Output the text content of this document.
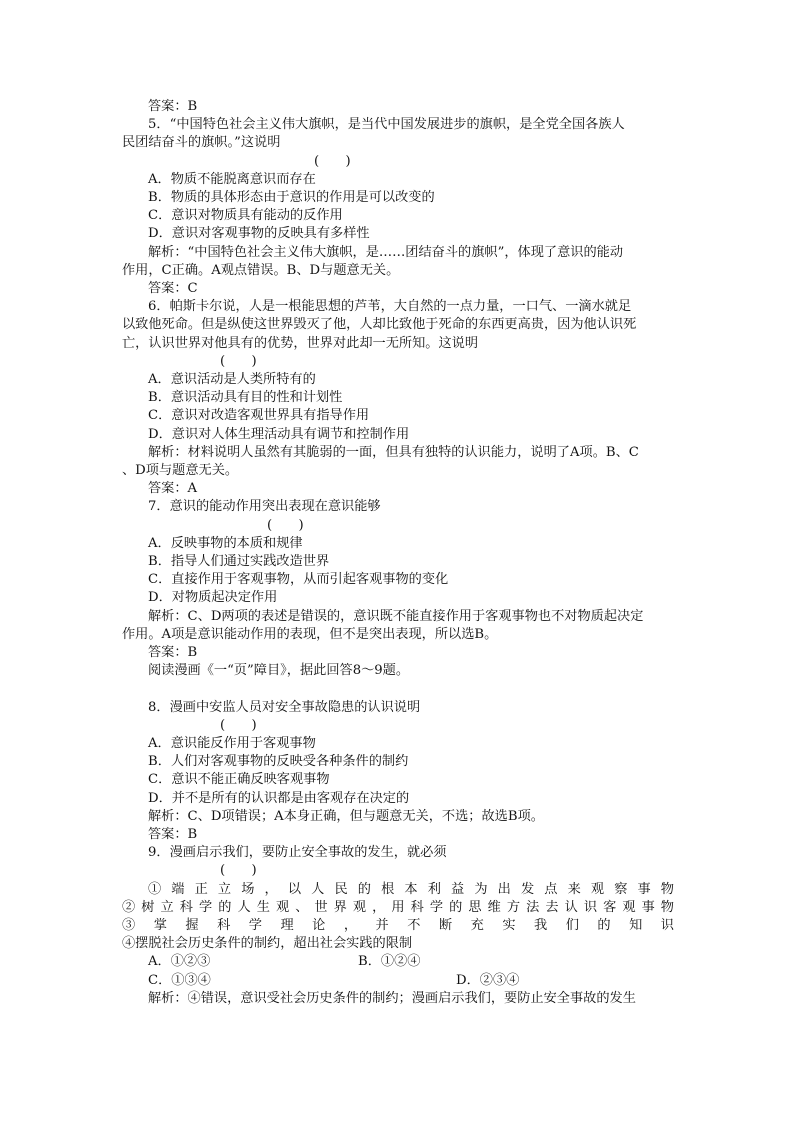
答案：B
5．“中国特色社会主义伟大旗帜，是当代中国发展进步的旗帜，是全党全国各族人
民团结奋斗的旗帜。”这说明
(　　)
A．物质不能脱离意识而存在
B．物质的具体形态由于意识的作用是可以改变的
C．意识对物质具有能动的反作用
D．意识对客观事物的反映具有多样性
解析：“中国特色社会主义伟大旗帜，是……团结奋斗的旗帜”，体现了意识的能动
作用，C正确。A观点错误。B、D与题意无关。
答案：C
6．帕斯卡尔说，人是一根能思想的芦苇，大自然的一点力量，一口气、一滴水就足
以致他死命。但是纵使这世界毁灭了他，人却比致他于死命的东西更高贵，因为他认识死
亡，认识世界对他具有的优势，世界对此却一无所知。这说明
(　　)
A．意识活动是人类所特有的
B．意识活动具有目的性和计划性
C．意识对改造客观世界具有指导作用
D．意识对人体生理活动具有调节和控制作用
解析：材料说明人虽然有其脆弱的一面，但具有独特的认识能力，说明了A项。B、C
、D项与题意无关。
答案：A
7．意识的能动作用突出表现在意识能够
(　　)
A．反映事物的本质和规律
B．指导人们通过实践改造世界
C．直接作用于客观事物，从而引起客观事物的变化
D．对物质起决定作用
解析：C、D两项的表述是错误的，意识既不能直接作用于客观事物也不对物质起决定
作用。A项是意识能动作用的表现，但不是突出表现，所以选B。
答案：B
阅读漫画《一“页”障目》，据此回答8～9题。
8．漫画中安监人员对安全事故隐患的认识说明
(　　)
A．意识能反作用于客观事物
B．人们对客观事物的反映受各种条件的制约
C．意识不能正确反映客观事物
D．并不是所有的认识都是由客观存在决定的
解析：C、D项错误；A本身正确，但与题意无关，不选；故选B项。
答案：B
9．漫画启示我们，要防止安全事故的发生，就必须
(　　)
①端正立场，以人民的根本利益为出发点来观察事物
②树立科学的人生观、世界观，用科学的思维方法去认识客观事物
③掌握科学理论，并不断充实我们的知识
④摆脱社会历史条件的制约，超出社会实践的限制
A．①②③	B．①②④
C．①③④	D．②③④
解析：④错误，意识受社会历史条件的制约；漫画启示我们，要防止安全事故的发生
